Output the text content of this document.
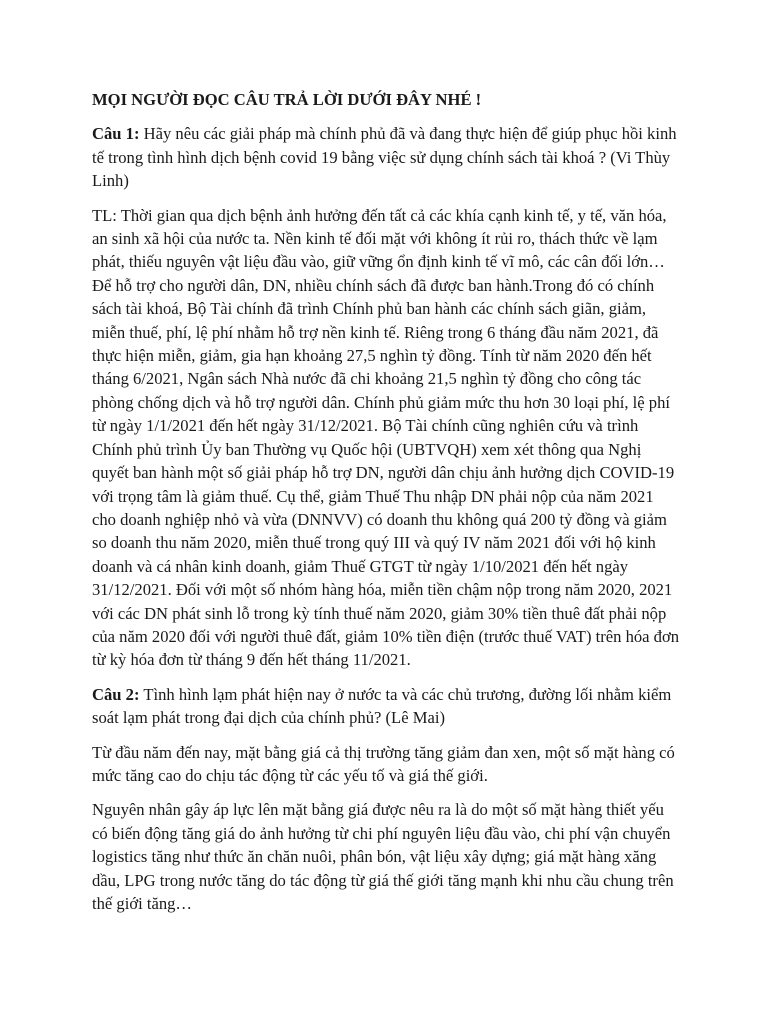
MỌI NGƯỜI ĐỌC CÂU TRẢ LỜI DƯỚI ĐÂY NHÉ !

Câu 1: Hãy nêu các giải pháp mà chính phủ đã và đang thực hiện để giúp phục hồi kinh tế trong tình hình dịch bệnh covid 19 bằng việc sử dụng chính sách tài khoá ? (Vi Thùy Linh)

TL: Thời gian qua dịch bệnh ảnh hưởng đến tất cả các khía cạnh kinh tế, y tế, văn hóa, an sinh xã hội của nước ta. Nền kinh tế đối mặt với không ít rủi ro, thách thức về lạm phát, thiếu nguyên vật liệu đầu vào, giữ vững ổn định kinh tế vĩ mô, các cân đối lớn…Để hỗ trợ cho người dân, DN, nhiều chính sách đã được ban hành.Trong đó có chính sách tài khoá, Bộ Tài chính đã trình Chính phủ ban hành các chính sách giãn, giảm, miễn thuế, phí, lệ phí nhằm hỗ trợ nền kinh tế. Riêng trong 6 tháng đầu năm 2021, đã thực hiện miễn, giảm, gia hạn khoảng 27,5 nghìn tỷ đồng. Tính từ năm 2020 đến hết tháng 6/2021, Ngân sách Nhà nước đã chi khoảng 21,5 nghìn tỷ đồng cho công tác phòng chống dịch và hỗ trợ người dân. Chính phủ giảm mức thu hơn 30 loại phí, lệ phí từ ngày 1/1/2021 đến hết ngày 31/12/2021. Bộ Tài chính cũng nghiên cứu và trình Chính phủ trình Ủy ban Thường vụ Quốc hội (UBTVQH) xem xét thông qua Nghị quyết ban hành một số giải pháp hỗ trợ DN, người dân chịu ảnh hưởng dịch COVID-19 với trọng tâm là giảm thuế. Cụ thể, giảm Thuế Thu nhập DN phải nộp của năm 2021 cho doanh nghiệp nhỏ và vừa (DNNVV) có doanh thu không quá 200 tỷ đồng và giảm so doanh thu năm 2020, miễn thuế trong quý III và quý IV năm 2021 đối với hộ kinh doanh và cá nhân kinh doanh, giảm Thuế GTGT từ ngày 1/10/2021 đến hết ngày 31/12/2021. Đối với một số nhóm hàng hóa, miễn tiền chậm nộp trong năm 2020, 2021 với các DN phát sinh lỗ trong kỳ tính thuế năm 2020, giảm 30% tiền thuê đất phải nộp của năm 2020 đối với người thuê đất, giảm 10% tiền điện (trước thuế VAT) trên hóa đơn từ kỳ hóa đơn từ tháng 9 đến hết tháng 11/2021.

Câu 2: Tình hình lạm phát hiện nay ở nước ta và các chủ trương, đường lối nhằm kiểm soát lạm phát trong đại dịch của chính phủ? (Lê Mai)

Từ đầu năm đến nay, mặt bằng giá cả thị trường tăng giảm đan xen, một số mặt hàng có mức tăng cao do chịu tác động từ các yếu tố và giá thế giới.

Nguyên nhân gây áp lực lên mặt bằng giá được nêu ra là do một số mặt hàng thiết yếu có biến động tăng giá do ảnh hưởng từ chi phí nguyên liệu đầu vào, chi phí vận chuyển logistics tăng như thức ăn chăn nuôi, phân bón, vật liệu xây dựng; giá mặt hàng xăng dầu, LPG trong nước tăng do tác động từ giá thế giới tăng mạnh khi nhu cầu chung trên thế giới tăng…
